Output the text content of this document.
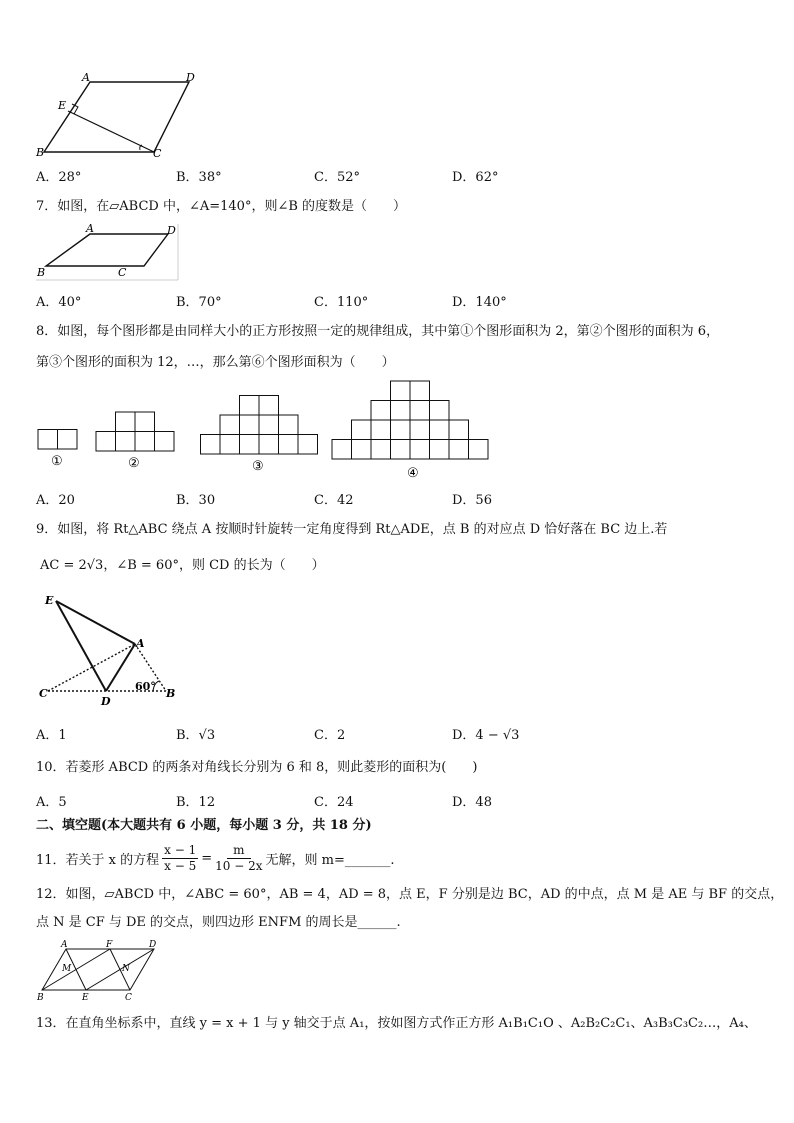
A	D
E
B	C
A．28°	B．38°	C．52°	D．62°
7．如图，在▱ABCD 中，∠A=140°，则∠B 的度数是（　　）
A	D
B	C
A．40°	B．70°	C．110°	D．140°
8．如图，每个图形都是由同样大小的正方形按照一定的规律组成，其中第①个图形面积为 2，第②个图形的面积为 6，
第③个图形的面积为 12，…，那么第⑥个图形面积为（　　）
①	②	③	④
A．20	B．30	C．42	D．56
9．如图，将 Rt△ABC 绕点 A 按顺时针旋转一定角度得到 Rt△ADE，点 B 的对应点 D 恰好落在 BC 边上.若
AC = 2√3，∠B = 60°，则 CD 的长为（　　）
E
A
C
D
B
60°
A．1	B．√3	C．2	D．4 − √3
10．若菱形 ABCD 的两条对角线长分别为 6 和 8，则此菱形的面积为(　　)
A．5	B．12	C．24	D．48
二、填空题(本大题共有 6 小题，每小题 3 分，共 18 分)
11．若关于 x 的方程 $\frac{x - 1}{x - 5} = \frac{m}{10 - 2x}$ 无解，则 m=_______.
12．如图，▱ABCD 中，∠ABC = 60°，AB = 4，AD = 8，点 E，F 分别是边 BC，AD 的中点，点 M 是 AE 与 BF 的交点，
点 N 是 CF 与 DE 的交点，则四边形 ENFM 的周长是______.
A	F	D
M	N
B	E	C
13．在直角坐标系中，直线 y = x + 1 与 y 轴交于点 A₁，按如图方式作正方形 A₁B₁C₁O 、A₂B₂C₂C₁、A₃B₃C₃C₂…，A₄、
